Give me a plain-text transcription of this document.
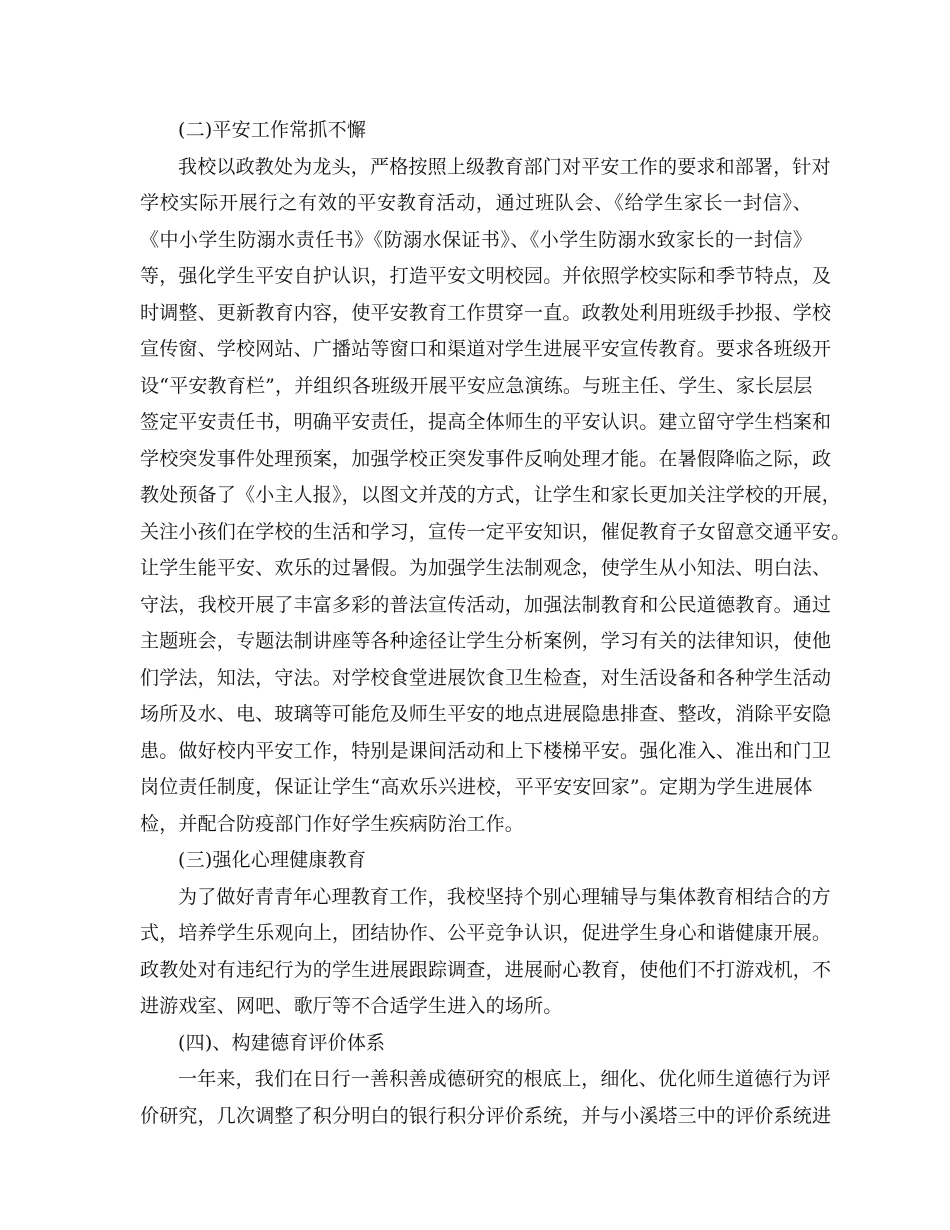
(二)平安工作常抓不懈
我校以政教处为龙头，严格按照上级教育部门对平安工作的要求和部署，针对
学校实际开展行之有效的平安教育活动，通过班队会、《给学生家长一封信》、
《中小学生防溺水责任书》《防溺水保证书》、《小学生防溺水致家长的一封信》
等，强化学生平安自护认识，打造平安文明校园。并依照学校实际和季节特点，及
时调整、更新教育内容，使平安教育工作贯穿一直。政教处利用班级手抄报、学校
宣传窗、学校网站、广播站等窗口和渠道对学生进展平安宣传教育。要求各班级开
设“平安教育栏”，并组织各班级开展平安应急演练。与班主任、学生、家长层层
签定平安责任书，明确平安责任，提高全体师生的平安认识。建立留守学生档案和
学校突发事件处理预案，加强学校正突发事件反响处理才能。在暑假降临之际，政
教处预备了《小主人报》，以图文并茂的方式，让学生和家长更加关注学校的开展，
关注小孩们在学校的生活和学习，宣传一定平安知识，催促教育子女留意交通平安。
让学生能平安、欢乐的过暑假。为加强学生法制观念，使学生从小知法、明白法、
守法，我校开展了丰富多彩的普法宣传活动，加强法制教育和公民道德教育。通过
主题班会，专题法制讲座等各种途径让学生分析案例，学习有关的法律知识，使他
们学法，知法，守法。对学校食堂进展饮食卫生检查，对生活设备和各种学生活动
场所及水、电、玻璃等可能危及师生平安的地点进展隐患排查、整改，消除平安隐
患。做好校内平安工作，特别是课间活动和上下楼梯平安。强化准入、准出和门卫
岗位责任制度，保证让学生“高欢乐兴进校，平平安安回家”。定期为学生进展体
检，并配合防疫部门作好学生疾病防治工作。
(三)强化心理健康教育
为了做好青青年心理教育工作，我校坚持个别心理辅导与集体教育相结合的方
式，培养学生乐观向上，团结协作、公平竞争认识，促进学生身心和谐健康开展。
政教处对有违纪行为的学生进展跟踪调查，进展耐心教育，使他们不打游戏机，不
进游戏室、网吧、歌厅等不合适学生进入的场所。
(四)、构建德育评价体系
一年来，我们在日行一善积善成德研究的根底上，细化、优化师生道德行为评
价研究，几次调整了积分明白的银行积分评价系统，并与小溪塔三中的评价系统进
